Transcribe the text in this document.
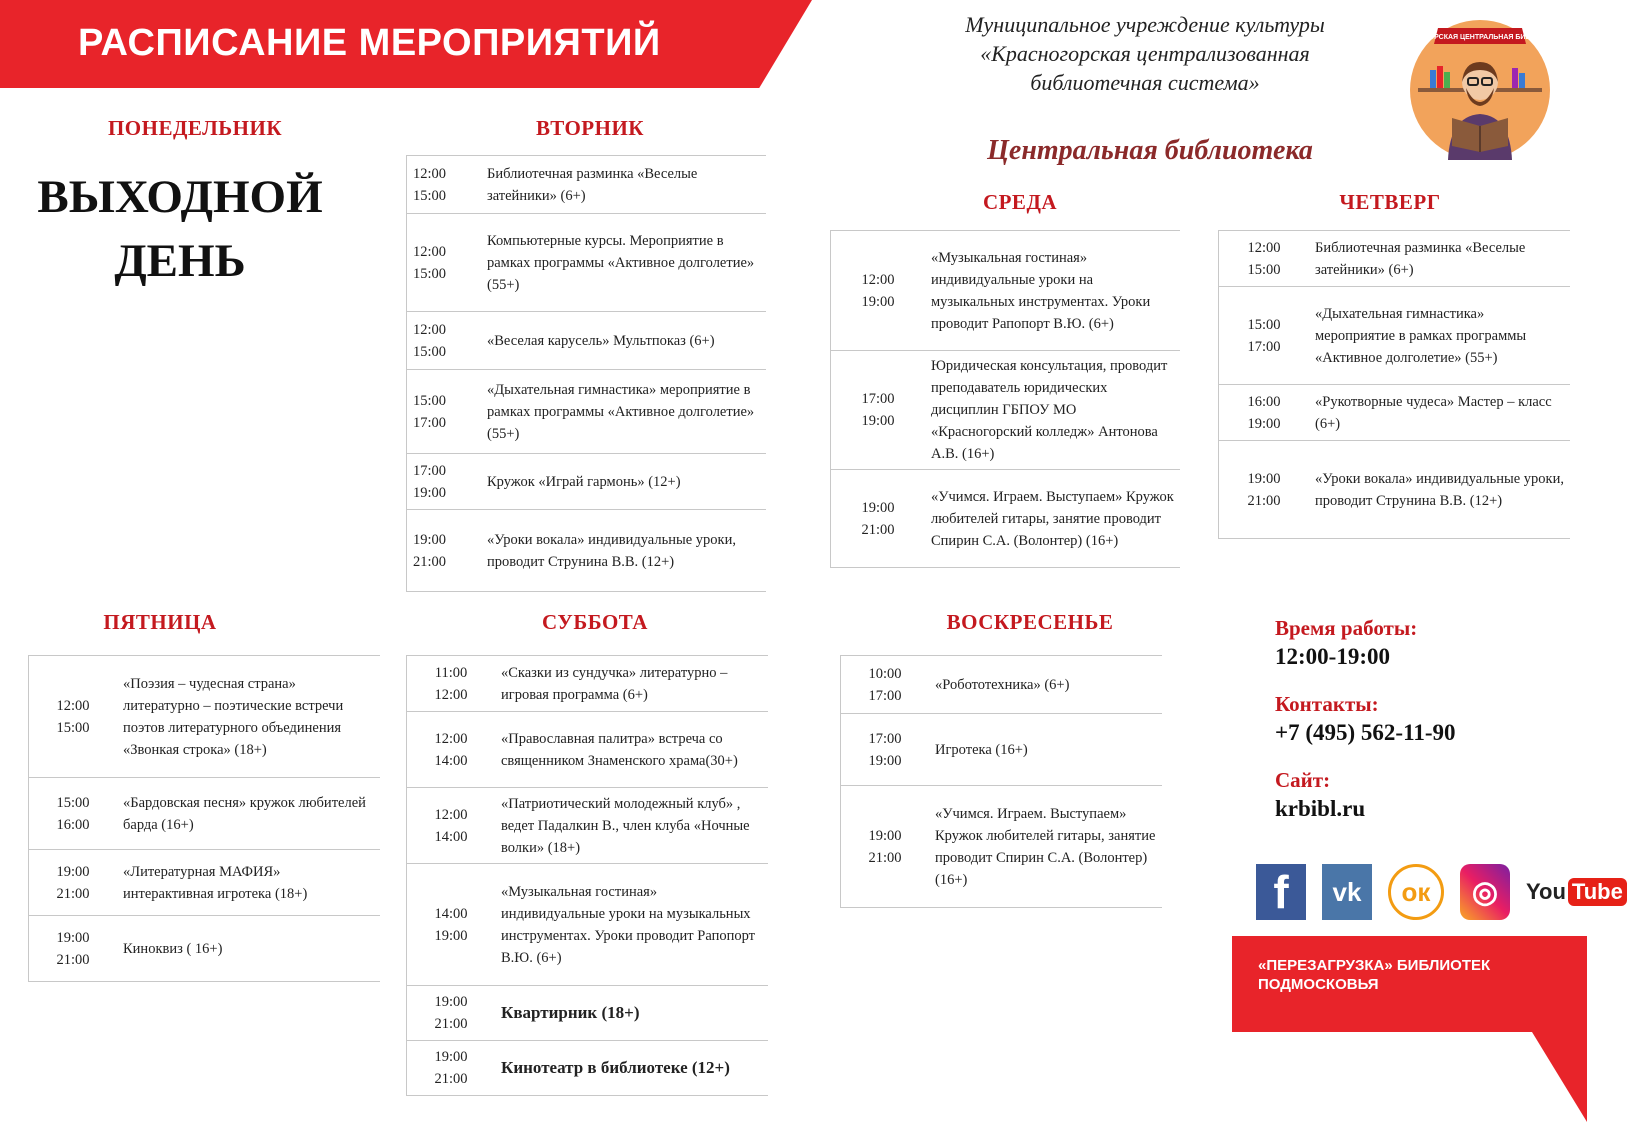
РАСПИСАНИЕ МЕРОПРИЯТИЙ	Муниципальное учреждение культуры
«Красногорская централизованная
библиотечная система»
Центральная библиотека
КРАСНОГОРСКАЯ ЦЕНТРАЛЬНАЯ БИБЛИОТЕКА
ПОНЕДЕЛЬНИК
ВЫХОДНОЙ
ДЕНЬ
ВТОРНИК
12:00
15:00	Библиотечная разминка «Веселые затейники» (6+)

12:00
15:00	Компьютерные курсы. Мероприятие в рамках программы «Активное долголетие» (55+)

12:00
15:00	«Веселая карусель» Мультпоказ (6+)

15:00
17:00	«Дыхательная гимнастика» мероприятие в рамках программы «Активное долголетие» (55+)

17:00
19:00	Кружок «Играй гармонь» (12+)

19:00
21:00	«Уроки вокала» индивидуальные уроки, проводит Струнина В.В. (12+)
СРЕДА
12:00
19:00	«Музыкальная гостиная» индивидуальные уроки на музыкальных инструментах. Уроки проводит Рапопорт В.Ю. (6+)

17:00
19:00	Юридическая консультация, проводит преподаватель юридических дисциплин ГБПОУ МО «Красногорский колледж» Антонова А.В. (16+)

19:00
21:00	«Учимся. Играем. Выступаем» Кружок любителей гитары, занятие проводит Спирин С.А. (Волонтер) (16+)
ЧЕТВЕРГ
12:00
15:00	Библиотечная разминка «Веселые затейники» (6+)

15:00
17:00	«Дыхательная гимнастика» мероприятие в рамках программы «Активное долголетие» (55+)

16:00
19:00	«Рукотворные чудеса» Мастер – класс (6+)

19:00
21:00	«Уроки вокала» индивидуальные уроки, проводит Струнина В.В. (12+)
ПЯТНИЦА
12:00
15:00	«Поэзия – чудесная страна» литературно – поэтические встречи поэтов литературного объединения «Звонкая строка» (18+)

15:00
16:00	«Бардовская песня» кружок любителей барда (16+)

19:00
21:00	«Литературная МАФИЯ» интерактивная игротека (18+)

19:00
21:00	Киноквиз ( 16+)
СУББОТА
11:00
12:00	«Сказки из сундучка» литературно – игровая программа (6+)

12:00
14:00	«Православная палитра» встреча со священником Знаменского храма(30+)

12:00
14:00	«Патриотический молодежный клуб» , ведет Падалкин В., член клуба «Ночные волки» (18+)

14:00
19:00	«Музыкальная гостиная» индивидуальные уроки на музыкальных инструментах. Уроки проводит Рапопорт В.Ю. (6+)

19:00
21:00	Квартирник (18+)

19:00
21:00	Кинотеатр в библиотеке (12+)
ВОСКРЕСЕНЬЕ
10:00
17:00	«Робототехника» (6+)

17:00
19:00	Игротека (16+)

19:00
21:00	«Учимся. Играем. Выступаем» Кружок любителей гитары, занятие проводит Спирин С.А. (Волонтер) (16+)
Время работы:
12:00-19:00
Контакты:
+7 (495) 562-11-90
Сайт:
krbibl.ru
f	vk	ок	◎	You Tube
«ПЕРЕЗАГРУЗКА» БИБЛИОТЕК
ПОДМОСКОВЬЯ
